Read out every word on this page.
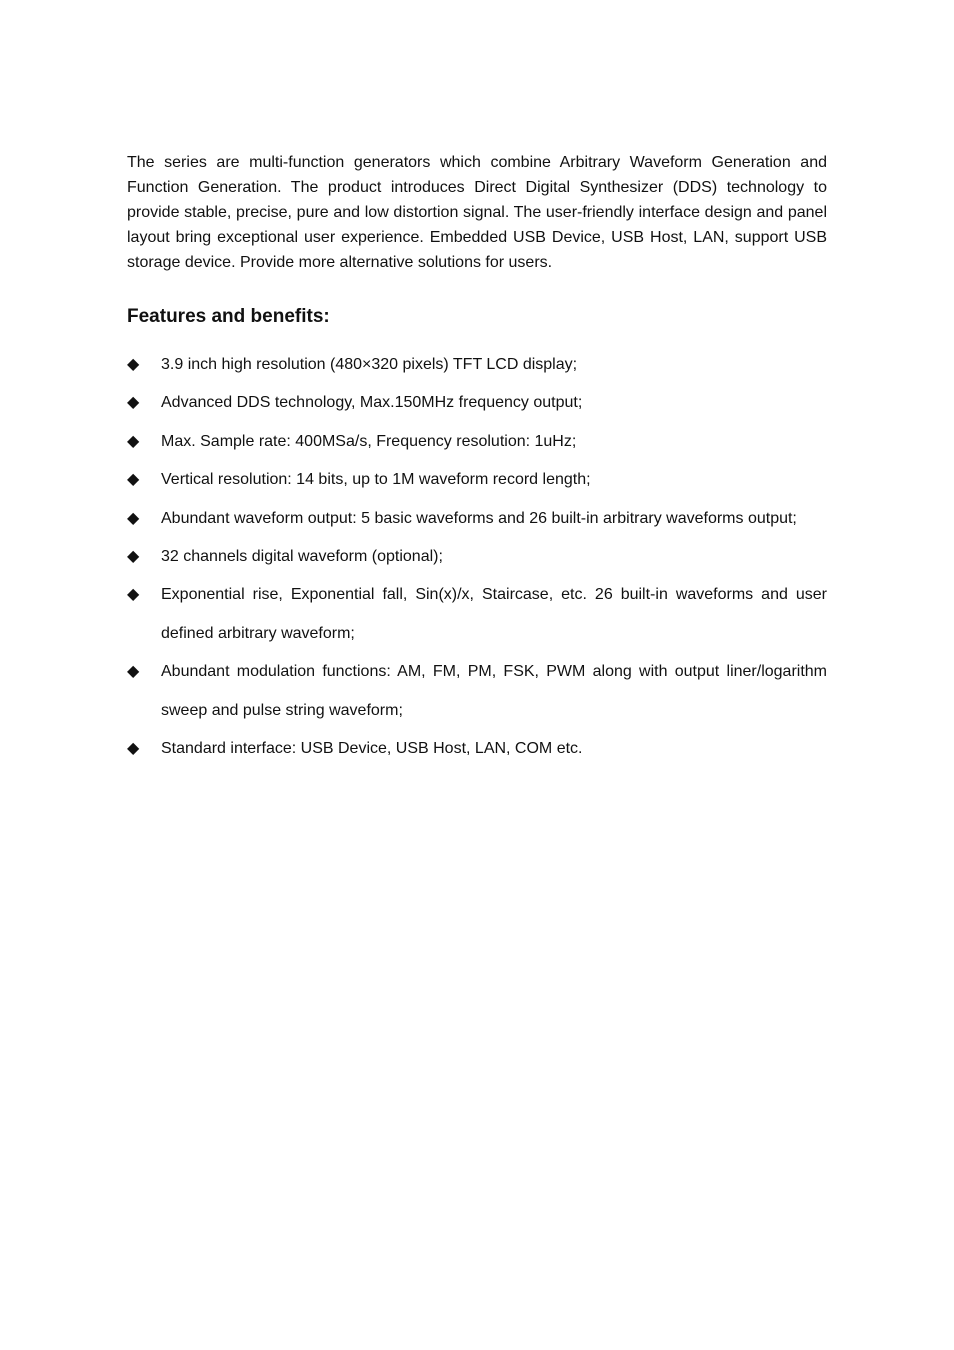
The series are multi-function generators which combine Arbitrary Waveform Generation and Function Generation. The product introduces Direct Digital Synthesizer (DDS) technology to provide stable, precise, pure and low distortion signal. The user-friendly interface design and panel layout bring exceptional user experience. Embedded USB Device, USB Host, LAN, support USB storage device. Provide more alternative solutions for users.

Features and benefits:
◆	3.9 inch high resolution (480×320 pixels) TFT LCD display;
◆	Advanced DDS technology, Max.150MHz frequency output;
◆	Max. Sample rate: 400MSa/s, Frequency resolution: 1uHz;
◆	Vertical resolution: 14 bits, up to 1M waveform record length;
◆	Abundant waveform output: 5 basic waveforms and 26 built-in arbitrary waveforms output;
◆	32 channels digital waveform (optional);
◆	Exponential rise, Exponential fall, Sin(x)/x, Staircase, etc. 26 built-in waveforms and user defined arbitrary waveform;
◆	Abundant modulation functions: AM, FM, PM, FSK, PWM along with output liner/logarithm sweep and pulse string waveform;
◆	Standard interface: USB Device, USB Host, LAN, COM etc.
